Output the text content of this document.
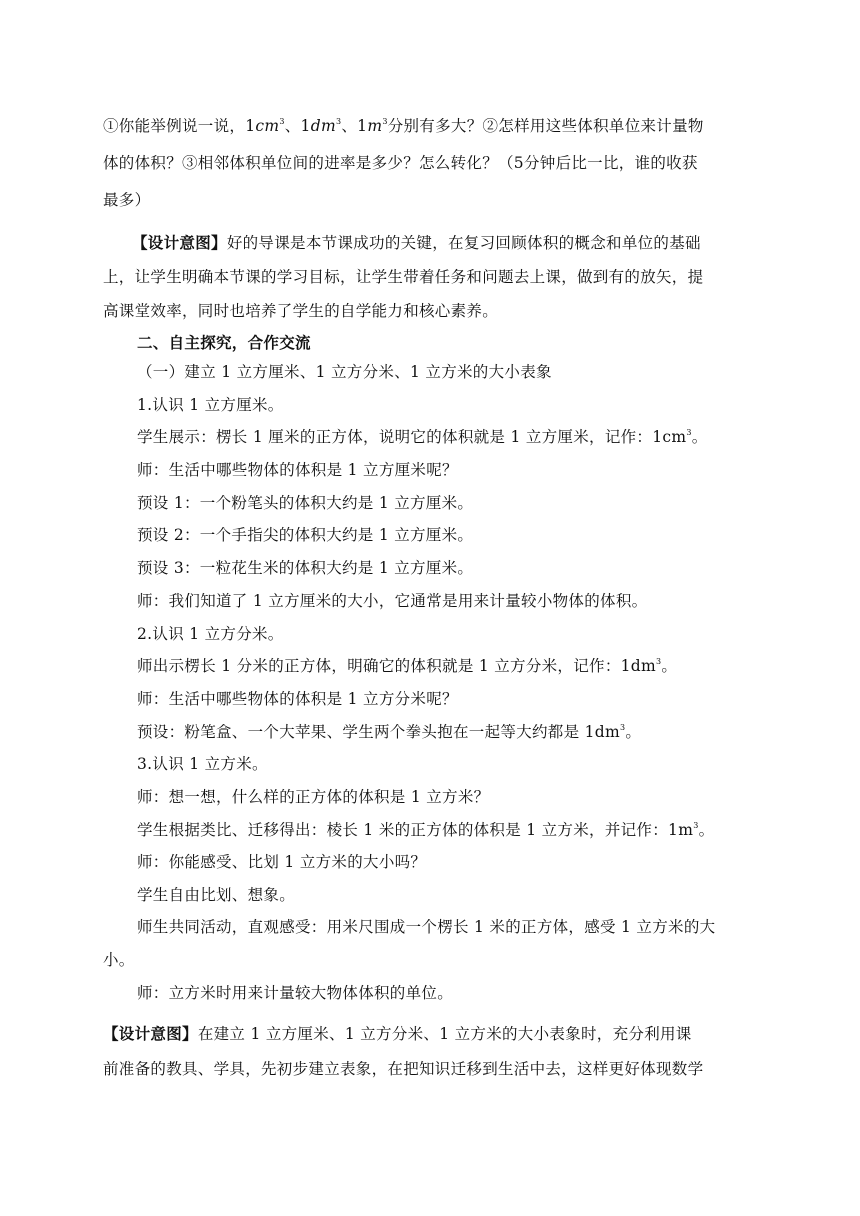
①你能举例说一说，$1cm^3$、$1dm^3$、$1m^3$分别有多大？②怎样用这些体积单位来计量物
体的体积？③相邻体积单位间的进率是多少？怎么转化？（5分钟后比一比，谁的收获
最多）
【设计意图】好的导课是本节课成功的关键，在复习回顾体积的概念和单位的基础
上，让学生明确本节课的学习目标，让学生带着任务和问题去上课，做到有的放矢，提
高课堂效率，同时也培养了学生的自学能力和核心素养。
二、自主探究，合作交流
（一）建立 1 立方厘米、1 立方分米、1 立方米的大小表象
1.认识 1 立方厘米。
学生展示：楞长 1 厘米的正方体，说明它的体积就是 1 立方厘米，记作：$1cm^3$。
师：生活中哪些物体的体积是 1 立方厘米呢？
预设 1：一个粉笔头的体积大约是 1 立方厘米。
预设 2：一个手指尖的体积大约是 1 立方厘米。
预设 3：一粒花生米的体积大约是 1 立方厘米。
师：我们知道了 1 立方厘米的大小，它通常是用来计量较小物体的体积。
2.认识 1 立方分米。
师出示楞长 1 分米的正方体，明确它的体积就是 1 立方分米，记作：$1dm^3$。
师：生活中哪些物体的体积是 1 立方分米呢？
预设：粉笔盒、一个大苹果、学生两个拳头抱在一起等大约都是 $1dm^3$。
3.认识 1 立方米。
师：想一想，什么样的正方体的体积是 1 立方米？
学生根据类比、迁移得出：棱长 1 米的正方体的体积是 1 立方米，并记作：$1m^3$。
师：你能感受、比划 1 立方米的大小吗？
学生自由比划、想象。
师生共同活动，直观感受：用米尺围成一个楞长 1 米的正方体，感受 1 立方米的大
小。
师：立方米时用来计量较大物体体积的单位。
【设计意图】在建立 1 立方厘米、1 立方分米、1 立方米的大小表象时，充分利用课
前准备的教具、学具，先初步建立表象，在把知识迁移到生活中去，这样更好体现数学
